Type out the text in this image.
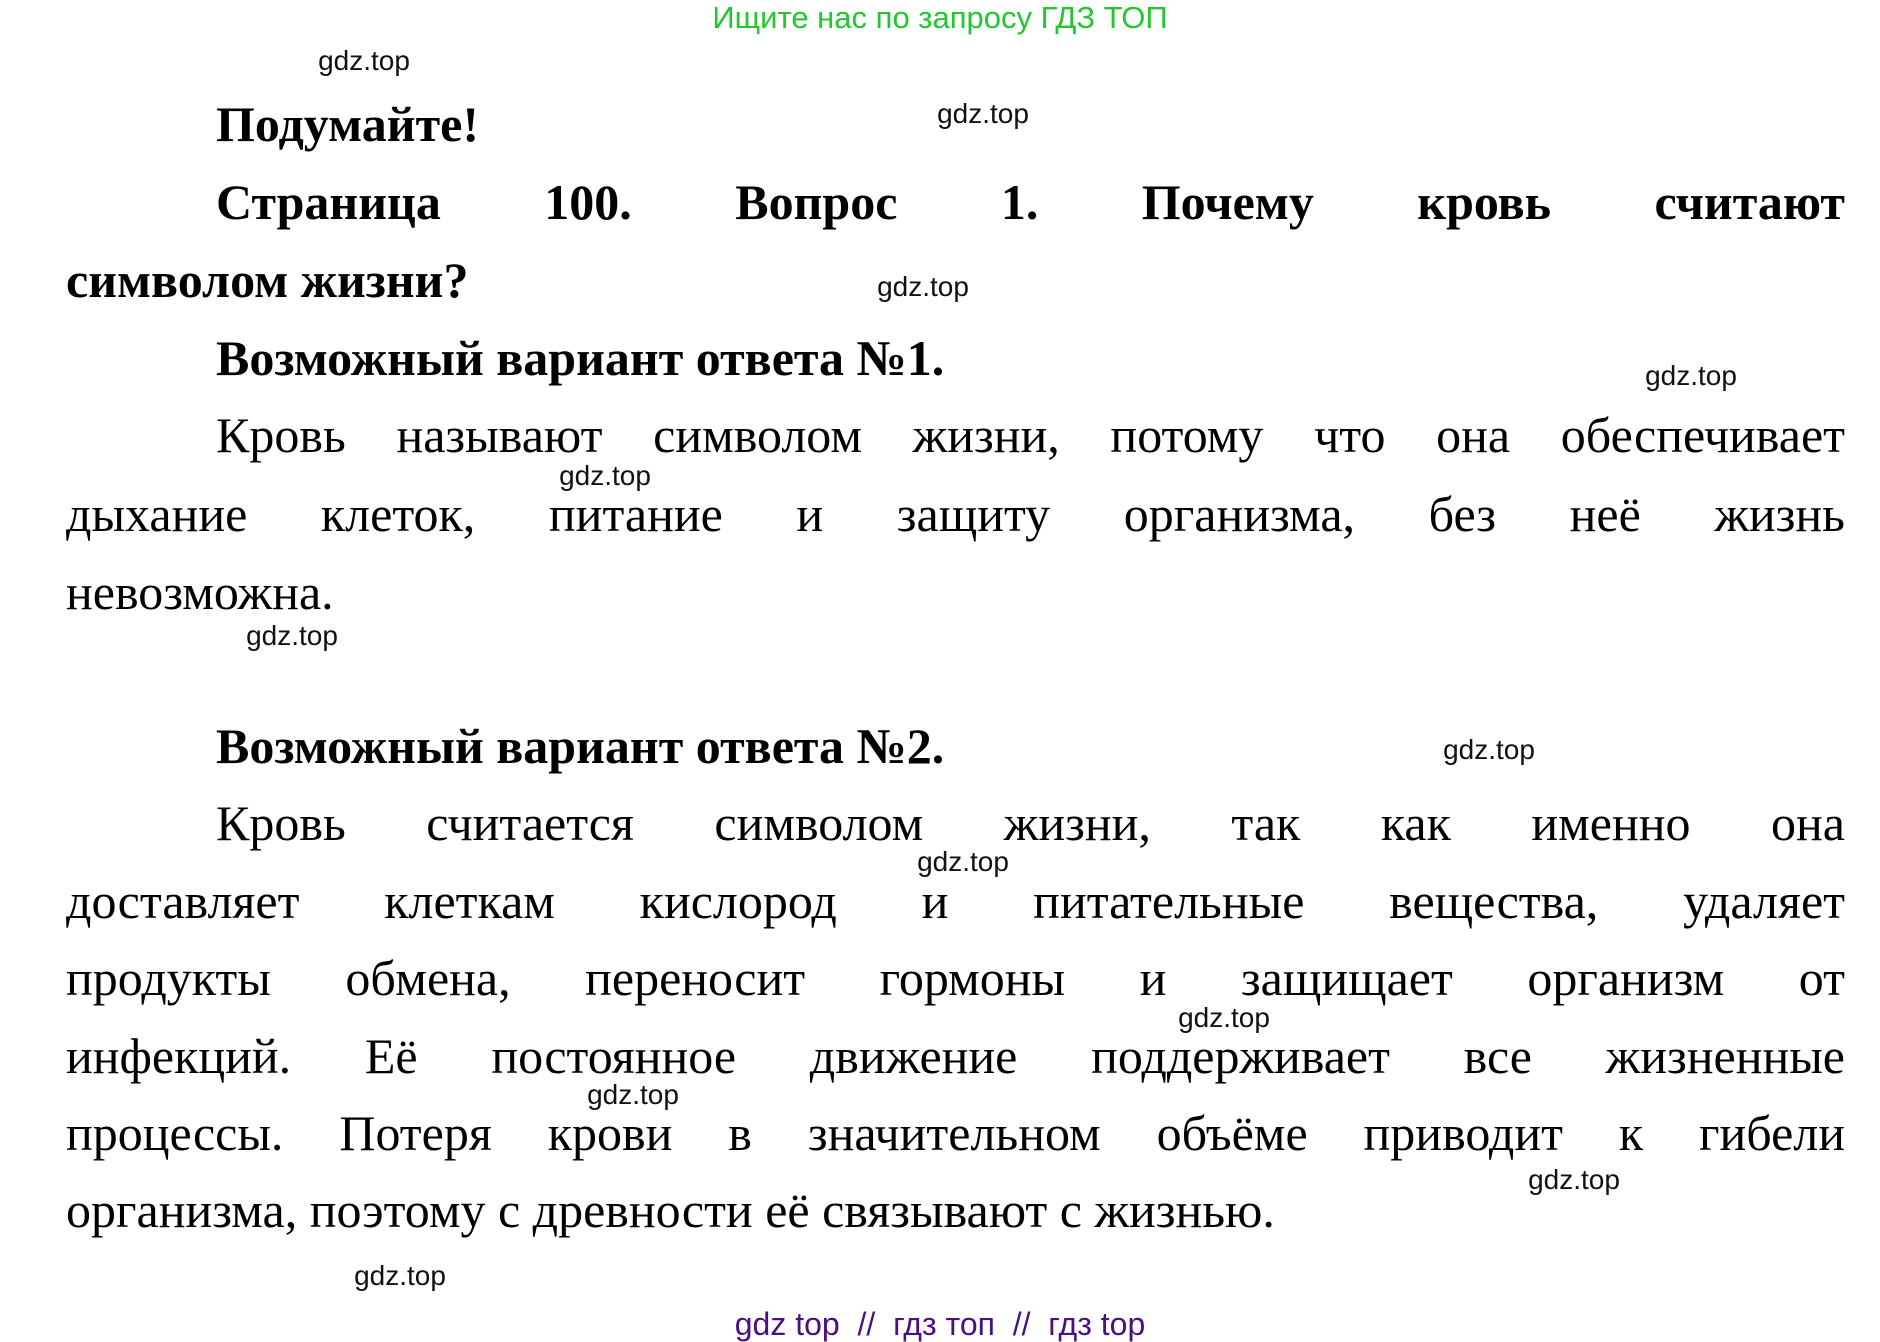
Ищите нас по запросу ГДЗ ТОП
gdz.top
gdz.top
gdz.top
gdz.top
gdz.top
gdz.top
gdz.top
gdz.top
gdz.top
gdz.top
gdz.top
gdz.top
Подумайте!
Страница 100. Вопрос 1. Почему кровь считают
символом жизни?
Возможный вариант ответа №1.
Кровь называют символом жизни, потому что она обеспечивает
дыхание клеток, питание и защиту организма, без неё жизнь
невозможна.
Возможный вариант ответа №2.
Кровь считается символом жизни, так как именно она
доставляет клеткам кислород и питательные вещества, удаляет
продукты обмена, переносит гормоны и защищает организм от
инфекций. Её постоянное движение поддерживает все жизненные
процессы. Потеря крови в значительном объёме приводит к гибели
организма, поэтому с древности её связывают с жизнью.
gdz top  //  гдз топ  //  гдз top
